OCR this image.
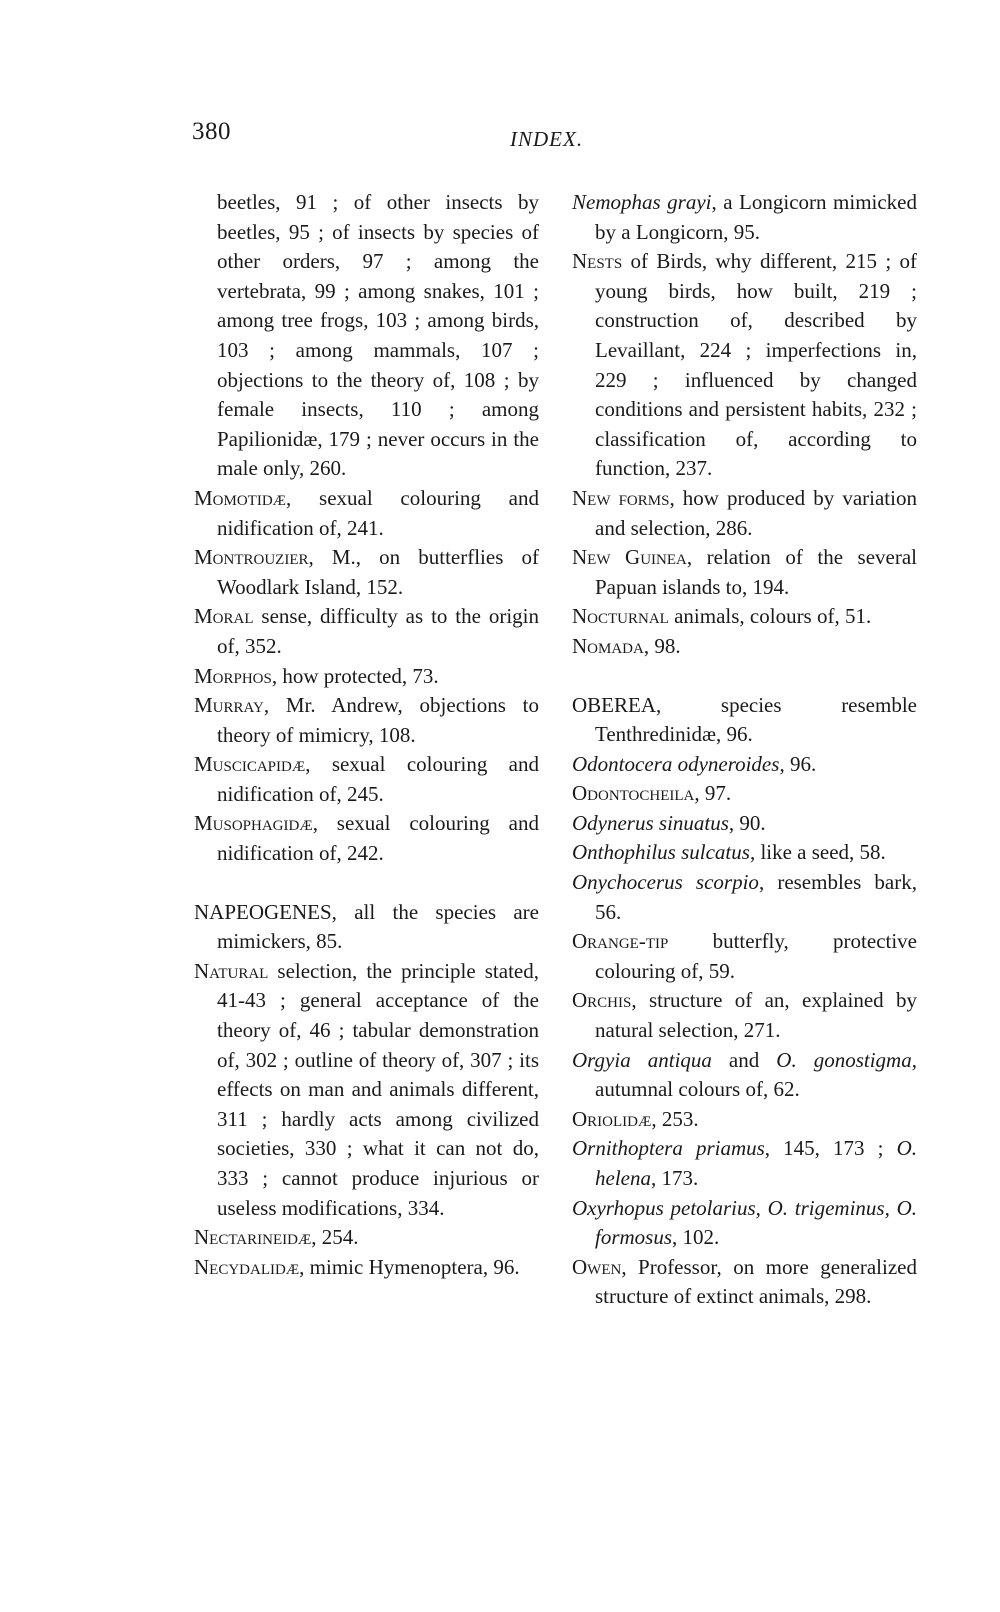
380	INDEX.

beetles, 91 ; of other insects by beetles, 95 ; of insects by species of other orders, 97 ; among the vertebrata, 99 ; among snakes, 101 ; among tree frogs, 103 ; among birds, 103 ; among mammals, 107 ; objections to the theory of, 108 ; by female insects, 110 ; among Papilionidæ, 179 ; never occurs in the male only, 260.

Momotidæ, sexual colouring and nidification of, 241.

Montrouzier, M., on butterflies of Woodlark Island, 152.

Moral sense, difficulty as to the origin of, 352.

Morphos, how protected, 73.

Murray, Mr. Andrew, objections to theory of mimicry, 108.

Muscicapidæ, sexual colouring and nidification of, 245.

Musophagidæ, sexual colouring and nidification of, 242.

NAPEOGENES, all the species are mimickers, 85.

Natural selection, the principle stated, 41-43 ; general acceptance of the theory of, 46 ; tabular demonstration of, 302 ; outline of theory of, 307 ; its effects on man and animals different, 311 ; hardly acts among civilized societies, 330 ; what it can not do, 333 ; cannot produce injurious or useless modifications, 334.

Nectarineidæ, 254.

Necydalidæ, mimic Hymenoptera, 96.

Nemophas grayi, a Longicorn mimicked by a Longicorn, 95.

Nests of Birds, why different, 215 ; of young birds, how built, 219 ; construction of, described by Levaillant, 224 ; imperfections in, 229 ; influenced by changed conditions and persistent habits, 232 ; classification of, according to function, 237.

New forms, how produced by variation and selection, 286.

New Guinea, relation of the several Papuan islands to, 194.

Nocturnal animals, colours of, 51.

Nomada, 98.

OBEREA, species resemble Tenthredinidæ, 96.

Odontocera odyneroides, 96.

Odontocheila, 97.

Odynerus sinuatus, 90.

Onthophilus sulcatus, like a seed, 58.

Onychocerus scorpio, resembles bark, 56.

Orange-tip butterfly, protective colouring of, 59.

Orchis, structure of an, explained by natural selection, 271.

Orgyia antiqua and O. gonostigma, autumnal colours of, 62.

Oriolidæ, 253.

Ornithoptera priamus, 145, 173 ; O. helena, 173.

Oxyrhopus petolarius, O. trigeminus, O. formosus, 102.

Owen, Professor, on more generalized structure of extinct animals, 298.
